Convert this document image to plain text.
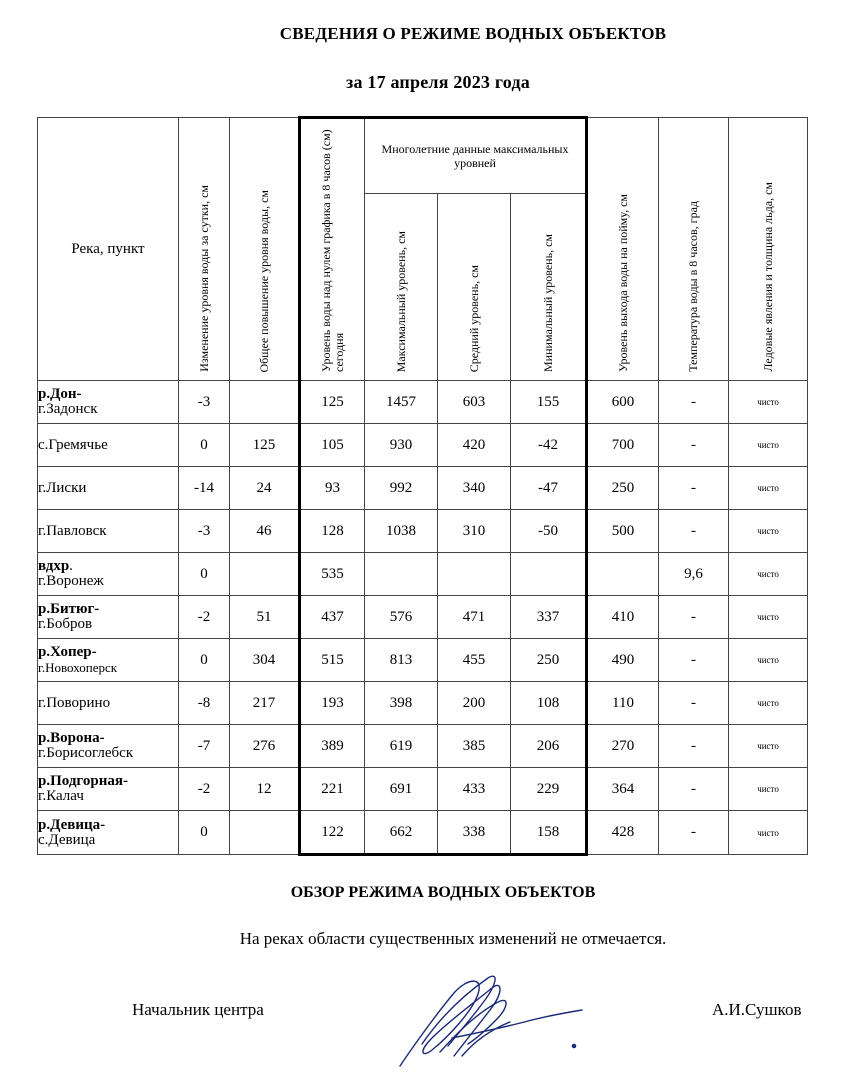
СВЕДЕНИЯ О РЕЖИМЕ ВОДНЫХ ОБЪЕКТОВ
за 17 апреля 2023 года
Река, пункт	Изменение уровня воды за сутки, см	Общее повышение уровня воды, см	Уровень воды над нулем графика в 8 часов (см) сегодня	Многолетние данные максимальных уровней			Уровень выхода воды на пойму, см	Температура воды в 8 часов, град	Ледовые явления и толщина льда, см

				Максимальный уровень, см	Средний уровень, см	Минимальный уровень, см			

р.Дон-
г.Задонск	-3		125	1457	603	155	600	-	чисто
с.Гремячье	0	125	105	930	420	-42	700	-	чисто
г.Лиски	-14	24	93	992	340	-47	250	-	чисто
г.Павловск	-3	46	128	1038	310	-50	500	-	чисто
вдхр.
г.Воронеж	0		535					9,6	чисто
р.Битюг-
г.Бобров	-2	51	437	576	471	337	410	-	чисто
р.Хопер-
г.Новохоперск	0	304	515	813	455	250	490	-	чисто
г.Поворино	-8	217	193	398	200	108	110	-	чисто
р.Ворона-
г.Борисоглебск	-7	276	389	619	385	206	270	-	чисто
р.Подгорная-
г.Калач	-2	12	221	691	433	229	364	-	чисто
р.Девица-
с.Девица	0		122	662	338	158	428	-	чисто
ОБЗОР РЕЖИМА ВОДНЫХ ОБЪЕКТОВ
На реках области существенных изменений не отмечается.
Начальник центра	А.И.Сушков
